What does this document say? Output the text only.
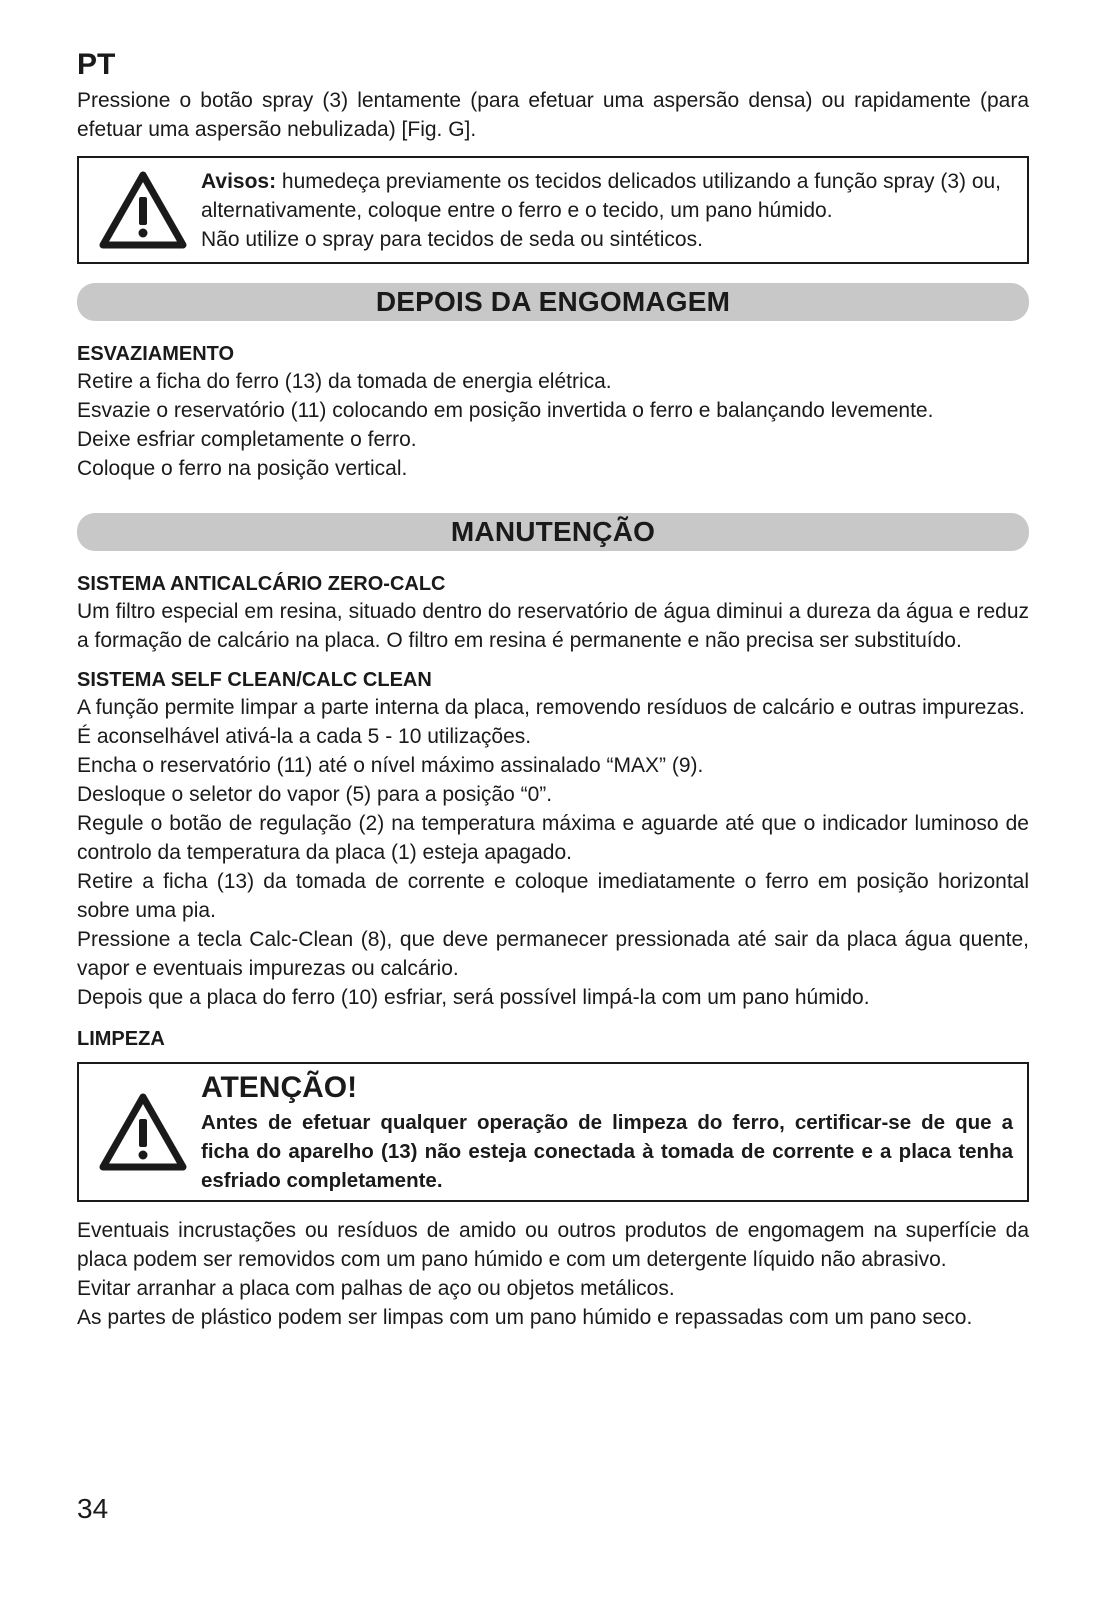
PT

Pressione o botão spray (3) lentamente (para efetuar uma aspersão densa) ou rapidamente (para efetuar uma aspersão nebulizada) [Fig. G].

Avisos: humedeça previamente os tecidos delicados utilizando a função spray (3) ou, alternativamente, coloque entre o ferro e o tecido, um pano húmido.

Não utilize o spray para tecidos de seda ou sintéticos.

DEPOIS DA ENGOMAGEM

ESVAZIAMENTO

Retire a ficha do ferro (13) da tomada de energia elétrica.

Esvazie o reservatório (11) colocando em posição invertida o ferro e balançando levemente.

Deixe esfriar completamente o ferro.

Coloque o ferro na posição vertical.

MANUTENÇÃO

SISTEMA ANTICALCÁRIO ZERO-CALC

Um filtro especial em resina, situado dentro do reservatório de água diminui a dureza da água e reduz a formação de calcário na placa. O filtro em resina é permanente e não precisa ser substituído.

SISTEMA SELF CLEAN/CALC CLEAN

A função permite limpar a parte interna da placa, removendo resíduos de calcário e outras impurezas.

É aconselhável ativá-la a cada 5 - 10 utilizações.

Encha o reservatório (11) até o nível máximo assinalado “MAX” (9).

Desloque o seletor do vapor (5) para a posição “0”.

Regule o botão de regulação (2) na temperatura máxima e aguarde até que o indicador luminoso de controlo da temperatura da placa (1) esteja apagado.

Retire a ficha (13) da tomada de corrente e coloque imediatamente o ferro em posição horizontal sobre uma pia.

Pressione a tecla Calc-Clean (8), que deve permanecer pressionada até sair da placa água quente, vapor e eventuais impurezas ou calcário.

Depois que a placa do ferro (10) esfriar, será possível limpá-la com um pano húmido.

LIMPEZA

ATENÇÃO!

Antes de efetuar qualquer operação de limpeza do ferro, certificar-se de que a ficha do aparelho (13) não esteja conectada à tomada de corrente e a placa tenha esfriado completamente.

Eventuais incrustações ou resíduos de amido ou outros produtos de engomagem na superfície da placa podem ser removidos com um pano húmido e com um detergente líquido não abrasivo.

Evitar arranhar a placa com palhas de aço ou objetos metálicos.

As partes de plástico podem ser limpas com um pano húmido e repassadas com um pano seco.

34
